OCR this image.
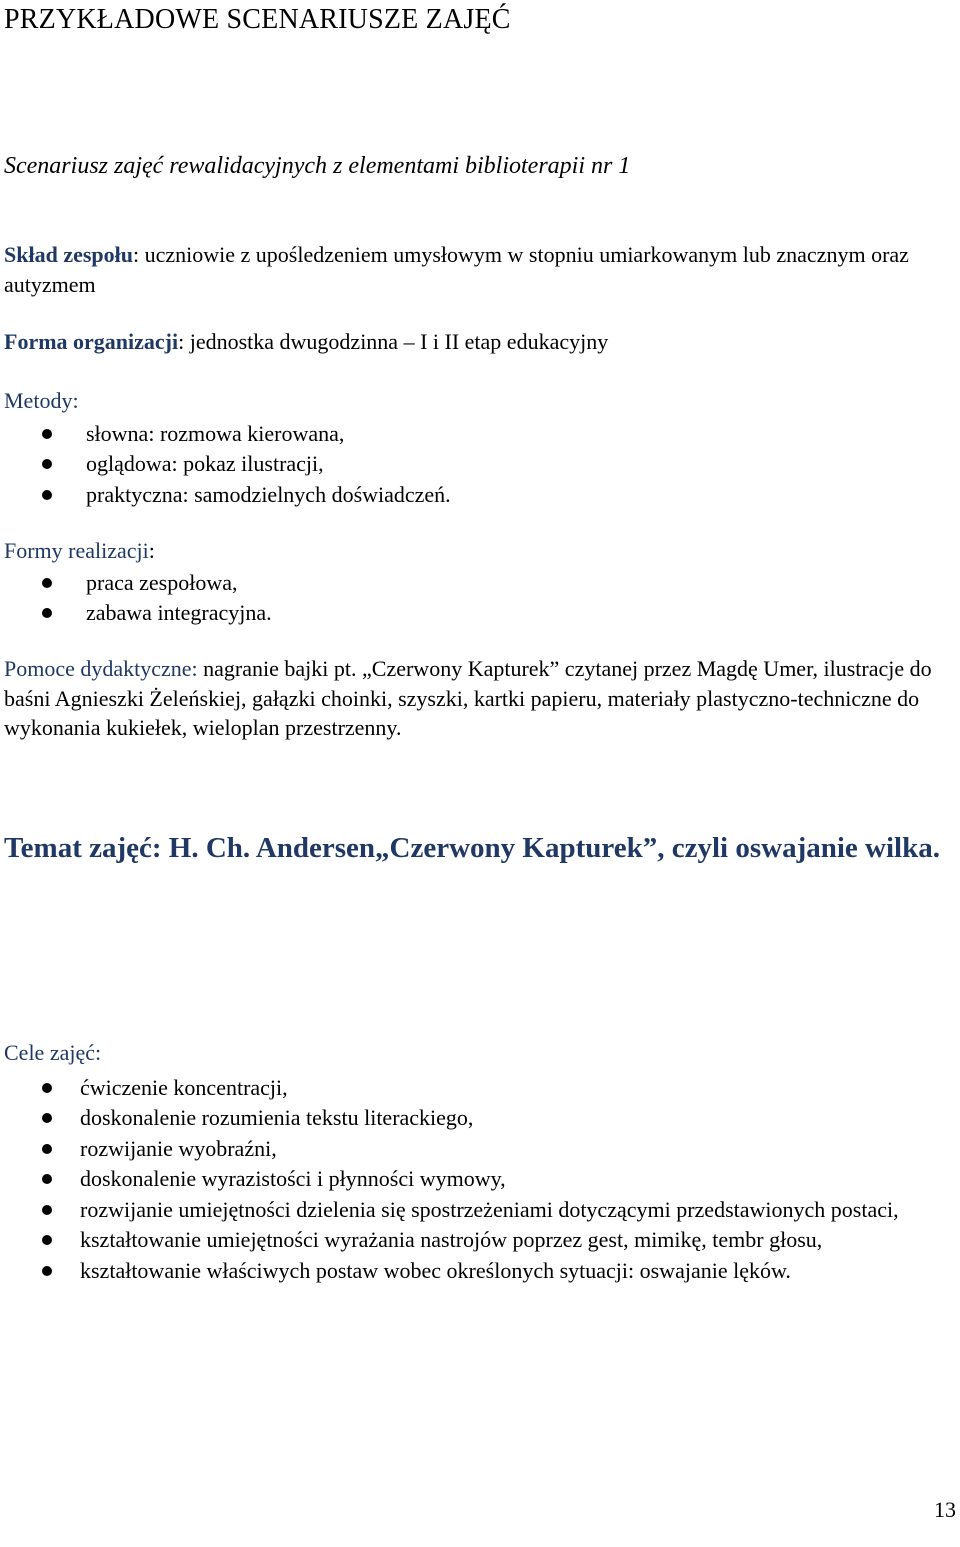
PRZYKŁADOWE SCENARIUSZE ZAJĘĆ
Scenariusz zajęć rewalidacyjnych z elementami biblioterapii nr 1
Skład zespołu: uczniowie z upośledzeniem umysłowym w stopniu umiarkowanym lub znacznym oraz autyzmem
Forma organizacji: jednostka dwugodzinna – I i II etap edukacyjny
Metody:
słowna: rozmowa kierowana,
oglądowa: pokaz ilustracji,
praktyczna: samodzielnych doświadczeń.
Formy realizacji:
praca zespołowa,
zabawa integracyjna.
Pomoce dydaktyczne: nagranie bajki pt. „Czerwony Kapturek” czytanej przez Magdę Umer, ilustracje do baśni Agnieszki Żeleńskiej, gałązki choinki, szyszki, kartki papieru, materiały plastyczno-techniczne do wykonania kukiełek, wieloplan przestrzenny.
Temat zajęć: H. Ch. Andersen„Czerwony Kapturek”, czyli oswajanie wilka.
Cele zajęć:
ćwiczenie koncentracji,
doskonalenie rozumienia tekstu literackiego,
rozwijanie wyobraźni,
doskonalenie wyrazistości i płynności wymowy,
rozwijanie umiejętności dzielenia się spostrzeżeniami dotyczącymi przedstawionych postaci,
kształtowanie umiejętności wyrażania nastrojów poprzez gest, mimikę, tembr głosu,
kształtowanie właściwych postaw wobec określonych sytuacji: oswajanie lęków.
13
